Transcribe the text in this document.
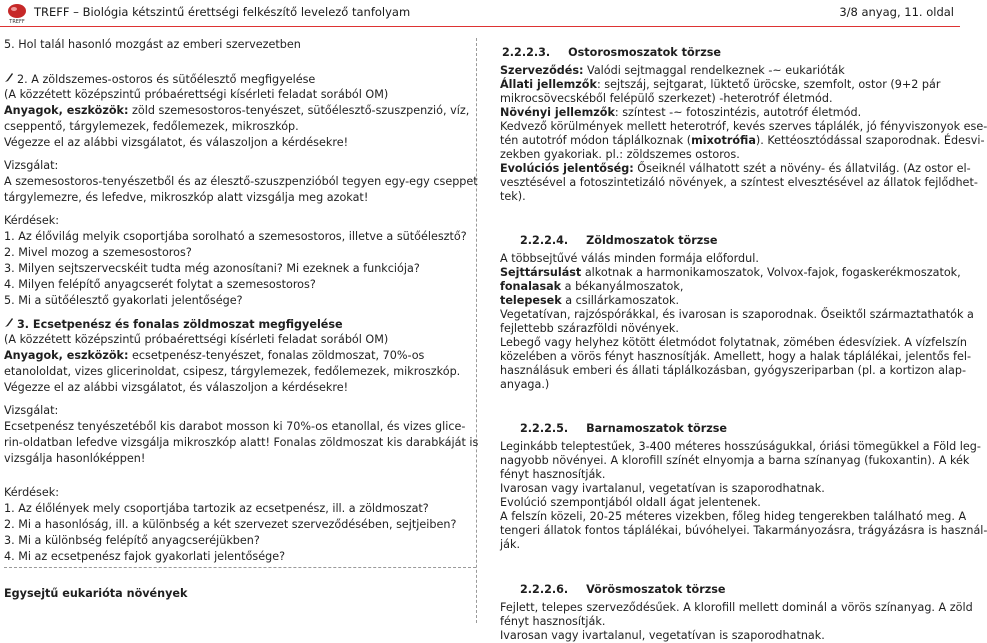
TREFF
TREFF – Biológia kétszintű érettségi felkészítő levelező tanfolyam	3/8 anyag, 11. oldal
5. Hol talál hasonló mozgást az emberi szervezetben
2. A zöldszemes-ostoros és sütőélesztő megfigyelése
(A közzétett középszintű próbaérettségi kísérleti feladat sorából OM)
Anyagok, eszközök: zöld szemesostoros-tenyészet, sütőélesztő-szuszpenzió, víz,
cseppentő, tárgylemezek, fedőlemezek, mikroszkóp.
Végezze el az alábbi vizsgálatot, és válaszoljon a kérdésekre!
Vizsgálat:
A szemesostoros-tenyészetből és az élesztő-szuszpenzióból tegyen egy-egy cseppet
tárgylemezre, és lefedve, mikroszkóp alatt vizsgálja meg azokat!
Kérdések:
1. Az élővilág melyik csoportjába sorolható a szemesostoros, illetve a sütőélesztő?
2. Mivel mozog a szemesostoros?
3. Milyen sejtszervecskéit tudta még azonosítani? Mi ezeknek a funkciója?
4. Milyen felépítő anyagcserét folytat a szemesostoros?
5. Mi a sütőélesztő gyakorlati jelentősége?
3. Ecsetpenész és fonalas zöldmoszat megfigyelése
(A közzétett középszintű próbaérettségi kísérleti feladat sorából OM)
Anyagok, eszközök: ecsetpenész-tenyészet, fonalas zöldmoszat, 70%-os
etanololdat, vizes glicerinoldat, csipesz, tárgylemezek, fedőlemezek, mikroszkóp.
Végezze el az alábbi vizsgálatot, és válaszoljon a kérdésekre!
Vizsgálat:
Ecsetpenész tenyészetéből kis darabot mosson ki 70%-os etanollal, és vizes glice-
rin-oldatban lefedve vizsgálja mikroszkóp alatt! Fonalas zöldmoszat kis darabkáját is
vizsgálja hasonlóképpen!
Kérdések:
1. Az élőlények mely csoportjába tartozik az ecsetpenész, ill. a zöldmoszat?
2. Mi a hasonlóság, ill. a különbség a két szervezet szerveződésében, sejtjeiben?
3. Mi a különbség felépítő anyagcseréjükben?
4. Mi az ecsetpenész fajok gyakorlati jelentősége?
Egysejtű eukarióta növények
2.2.2.3. Ostorosmoszatok törzse
Szerveződés: Valódi sejtmaggal rendelkeznek -~ eukarióták
Állati jellemzők: sejtszáj, sejtgarat, lüktető üröcske, szemfolt, ostor (9+2 pár
mikrocsövecskéből felépülő szerkezet) -heterotróf életmód.
Növényi jellemzők: színtest -~ fotoszintézis, autotróf életmód.
Kedvező körülmények mellett heterotróf, kevés szerves táplálék, jó fényviszonyok ese-
tén autotróf módon táplálkoznak (mixotrófia). Kettéosztódással szaporodnak. Édesvi-
zekben gyakoriak. pl.: zöldszemes ostoros.
Evolúciós jelentőség: Őseiknél válhatott szét a növény- és állatvilág. (Az ostor el-
vesztésével a fotoszintetizáló növények, a színtest elvesztésével az állatok fejlődhet-
tek).
2.2.2.4. Zöldmoszatok törzse
A többsejtűvé válás minden formája előfordul.
Sejttársulást alkotnak a harmonikamoszatok, Volvox-fajok, fogaskerékmoszatok,
fonalasak a békanyálmoszatok,
telepesek a csillárkamoszatok.
Vegetatívan, rajzóspórákkal, és ivarosan is szaporodnak. Őseiktől származtathatók a
fejlettebb szárazföldi növények.
Lebegő vagy helyhez kötött életmódot folytatnak, zömében édesvíziek. A vízfelszín
közelében a vörös fényt hasznosítják. Amellett, hogy a halak táplálékai, jelentős fel-
használásuk emberi és állati táplálkozásban, gyógyszeriparban (pl. a kortizon alap-
anyaga.)
2.2.2.5. Barnamoszatok törzse
Leginkább teleptestűek, 3-400 méteres hosszúságukkal, óriási tömegükkel a Föld leg-
nagyobb növényei. A klorofill színét elnyomja a barna színanyag (fukoxantin). A kék
fényt hasznosítják.
Ivarosan vagy ivartalanul, vegetatívan is szaporodhatnak.
Evolúció szempontjából oldalI ágat jelentenek.
A felszín közeli, 20-25 méteres vizekben, főleg hideg tengerekben található meg. A
tengeri állatok fontos táplálékai, búvóhelyei. Takarmányozásra, trágyázásra is használ-
ják.
2.2.2.6. Vörösmoszatok törzse
Fejlett, telepes szerveződésűek. A klorofill mellett dominál a vörös színanyag. A zöld
fényt hasznosítják.
Ivarosan vagy ivartalanul, vegetatívan is szaporodhatnak.
